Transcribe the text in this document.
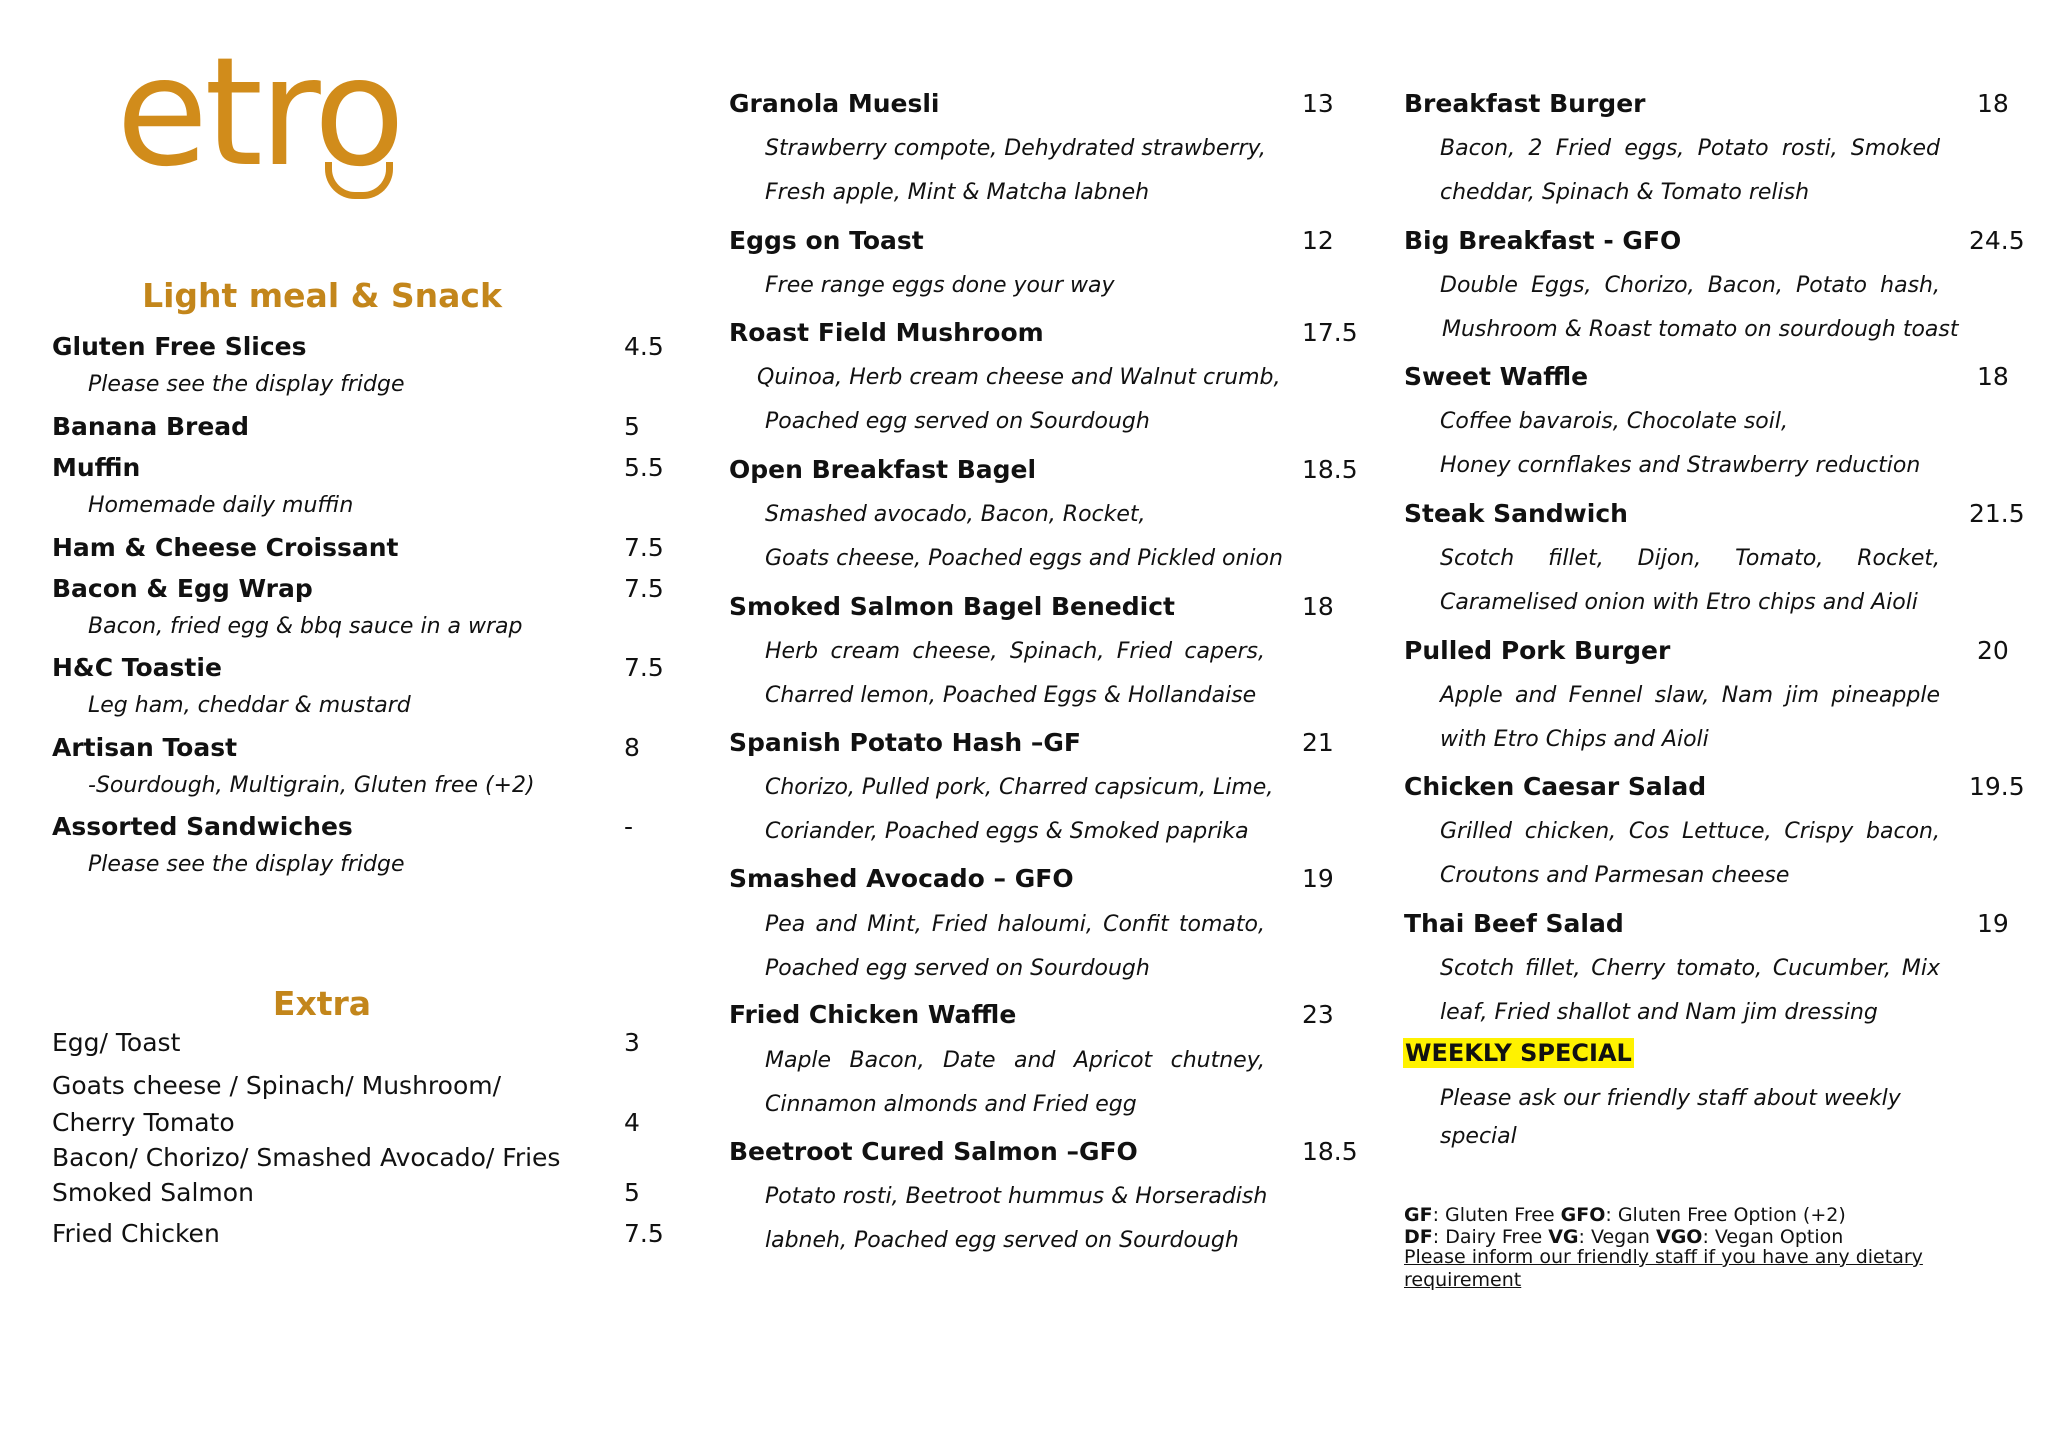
etro
Light meal & Snack
Gluten Free Slices	4.5
Please see the display fridge
Banana Bread	5
Muffin	5.5
Homemade daily muffin
Ham & Cheese Croissant	7.5
Bacon & Egg Wrap	7.5
Bacon, fried egg & bbq sauce in a wrap
H&C Toastie	7.5
Leg ham, cheddar & mustard
Artisan Toast	8
-Sourdough, Multigrain, Gluten free (+2)
Assorted Sandwiches	-
Please see the display fridge
Extra
Egg/ Toast	3
Goats cheese / Spinach/ Mushroom/
Cherry Tomato	4
Bacon/ Chorizo/ Smashed Avocado/ Fries
Smoked Salmon	5
Fried Chicken	7.5
Granola Muesli	13
Strawberry compote, Dehydrated strawberry,
Fresh apple, Mint & Matcha labneh
Eggs on Toast	12
Free range eggs done your way
Roast Field Mushroom	17.5
Quinoa, Herb cream cheese and Walnut crumb,
Poached egg served on Sourdough
Open Breakfast Bagel	18.5
Smashed avocado, Bacon, Rocket,
Goats cheese, Poached eggs and Pickled onion
Smoked Salmon Bagel Benedict	18
Herb cream cheese, Spinach, Fried capers,
Charred lemon, Poached Eggs & Hollandaise
Spanish Potato Hash –GF	21
Chorizo, Pulled pork, Charred capsicum, Lime,
Coriander, Poached eggs & Smoked paprika
Smashed Avocado – GFO	19
Pea and Mint, Fried haloumi, Confit tomato,
Poached egg served on Sourdough
Fried Chicken Waffle	23
Maple Bacon, Date and Apricot chutney,
Cinnamon almonds and Fried egg
Beetroot Cured Salmon –GFO	18.5
Potato rosti, Beetroot hummus & Horseradish
labneh, Poached egg served on Sourdough
Breakfast Burger	18
Bacon, 2 Fried eggs, Potato rosti, Smoked
cheddar, Spinach & Tomato relish
Big Breakfast - GFO	24.5
Double Eggs, Chorizo, Bacon, Potato hash,
Mushroom & Roast tomato on sourdough toast
Sweet Waffle	18
Coffee bavarois, Chocolate soil,
Honey cornflakes and Strawberry reduction
Steak Sandwich	21.5
Scotch fillet, Dijon, Tomato, Rocket,
Caramelised onion with Etro chips and Aioli
Pulled Pork Burger	20
Apple and Fennel slaw, Nam jim pineapple
with Etro Chips and Aioli
Chicken Caesar Salad	19.5
Grilled chicken, Cos Lettuce, Crispy bacon,
Croutons and Parmesan cheese
Thai Beef Salad	19
Scotch fillet, Cherry tomato, Cucumber, Mix
leaf, Fried shallot and Nam jim dressing
WEEKLY SPECIAL
Please ask our friendly staff about weekly
special
GF: Gluten Free GFO: Gluten Free Option (+2)
DF: Dairy Free VG: Vegan VGO: Vegan Option
Please inform our friendly staff if you have any dietary requirement
